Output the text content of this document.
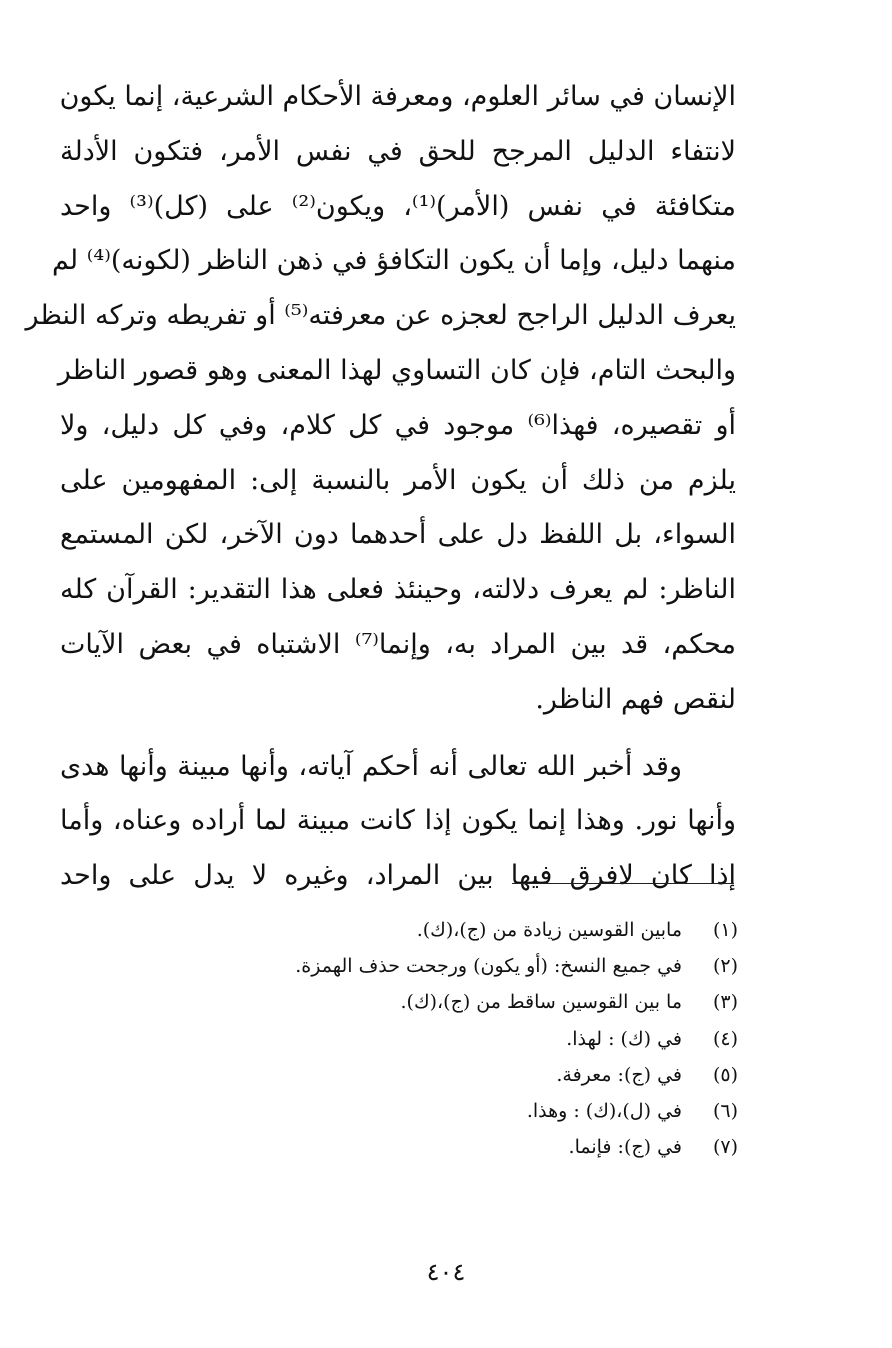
الإنسان في سائر العلوم، ومعرفة الأحكام الشرعية، إنما يكون
لانتفاء الدليل المرجح للحق في نفس الأمر، فتكون الأدلة
متكافئة في نفس (الأمر)⁽¹⁾، ويكون⁽²⁾ على (كل)⁽³⁾ واحد
منهما دليل، وإما أن يكون التكافؤ في ذهن الناظر (لكونه)⁽⁴⁾ لم
يعرف الدليل الراجح لعجزه عن معرفته⁽⁵⁾ أو تفريطه وتركه النظر
والبحث التام، فإن كان التساوي لهذا المعنى وهو قصور الناظر
أو تقصيره، فهذا⁽⁶⁾ موجود في كل كلام، وفي كل دليل، ولا
يلزم من ذلك أن يكون الأمر بالنسبة إلى: المفهومين على
السواء، بل اللفظ دل على أحدهما دون الآخر، لكن المستمع
الناظر: لم يعرف دلالته، وحينئذ فعلى هذا التقدير: القرآن كله
محكم، قد بين المراد به، وإنما⁽⁷⁾ الاشتباه في بعض الآيات
لنقص فهم الناظر.
وقد أخبر الله تعالى أنه أحكم آياته، وأنها مبينة وأنها هدى
وأنها نور. وهذا إنما يكون إذا كانت مبينة لما أراده وعناه، وأما
إذا كان لافرق فيها بين المراد، وغيره لا يدل على واحد
(١)مابين القوسين زيادة من (ج)،(ك).
(٢)في جميع النسخ: (أو يكون) ورجحت حذف الهمزة.
(٣)ما بين القوسين ساقط من (ج)،(ك).
(٤)في (ك) : لهذا.
(٥)في (ج): معرفة.
(٦)في (ل)،(ك) : وهذا.
(٧)في (ج): فإنما.
٤٠٤
